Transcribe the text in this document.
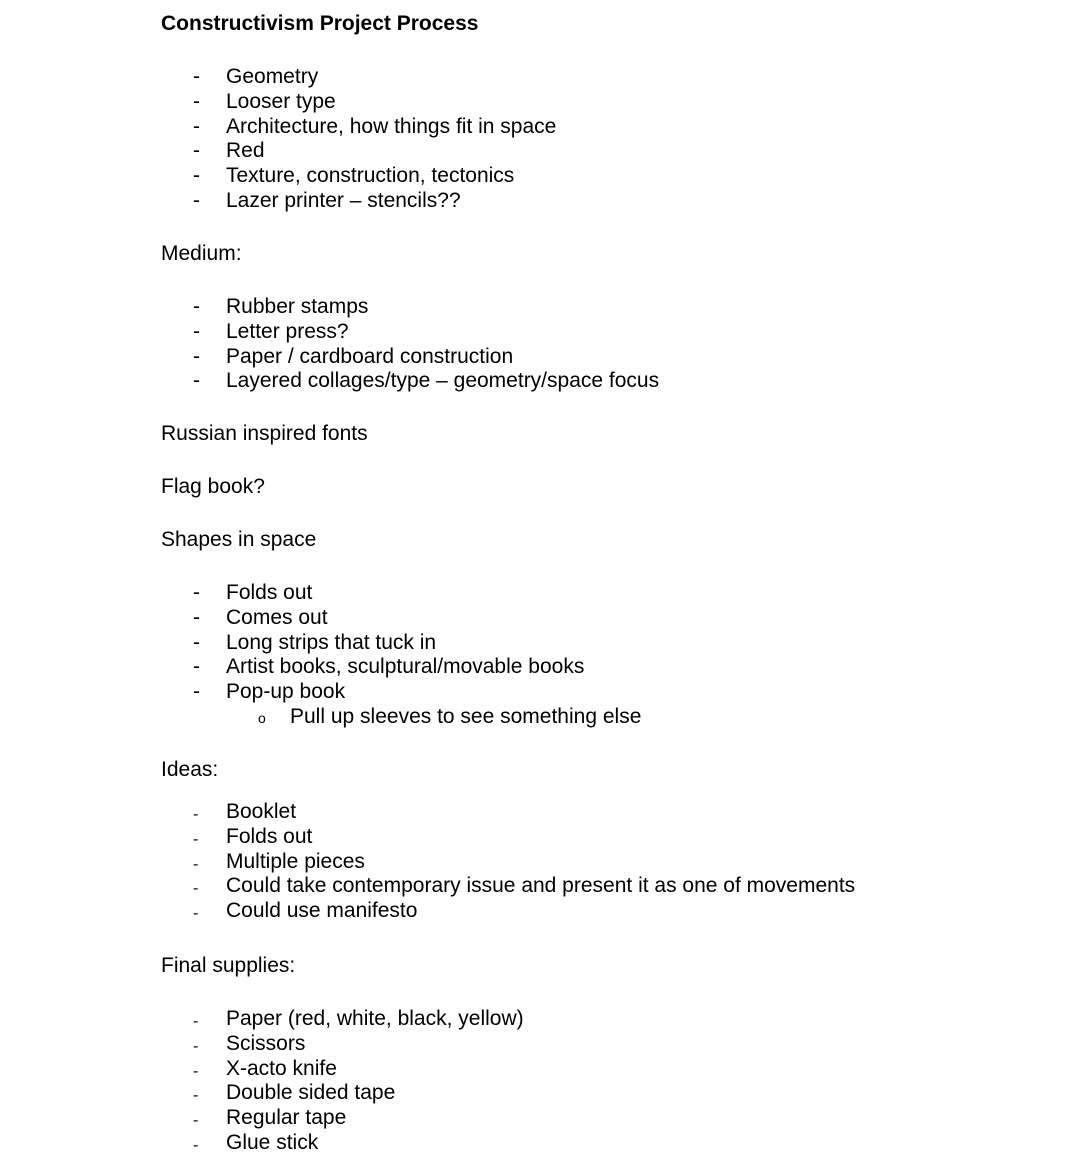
Constructivism Project Process
- Geometry
- Looser type
- Architecture, how things fit in space
- Red
- Texture, construction, tectonics
- Lazer printer – stencils??
Medium:
- Rubber stamps
- Letter press?
- Paper / cardboard construction
- Layered collages/type – geometry/space focus
Russian inspired fonts
Flag book?
Shapes in space
- Folds out
- Comes out
- Long strips that tuck in
- Artist books, sculptural/movable books
- Pop-up book
o Pull up sleeves to see something else
Ideas:
-	Booklet
-	Folds out
-	Multiple pieces
-	Could take contemporary issue and present it as one of movements
-	Could use manifesto
Final supplies:
-	Paper (red, white, black, yellow)
-	Scissors
-	X-acto knife
-	Double sided tape
-	Regular tape
-	Glue stick
